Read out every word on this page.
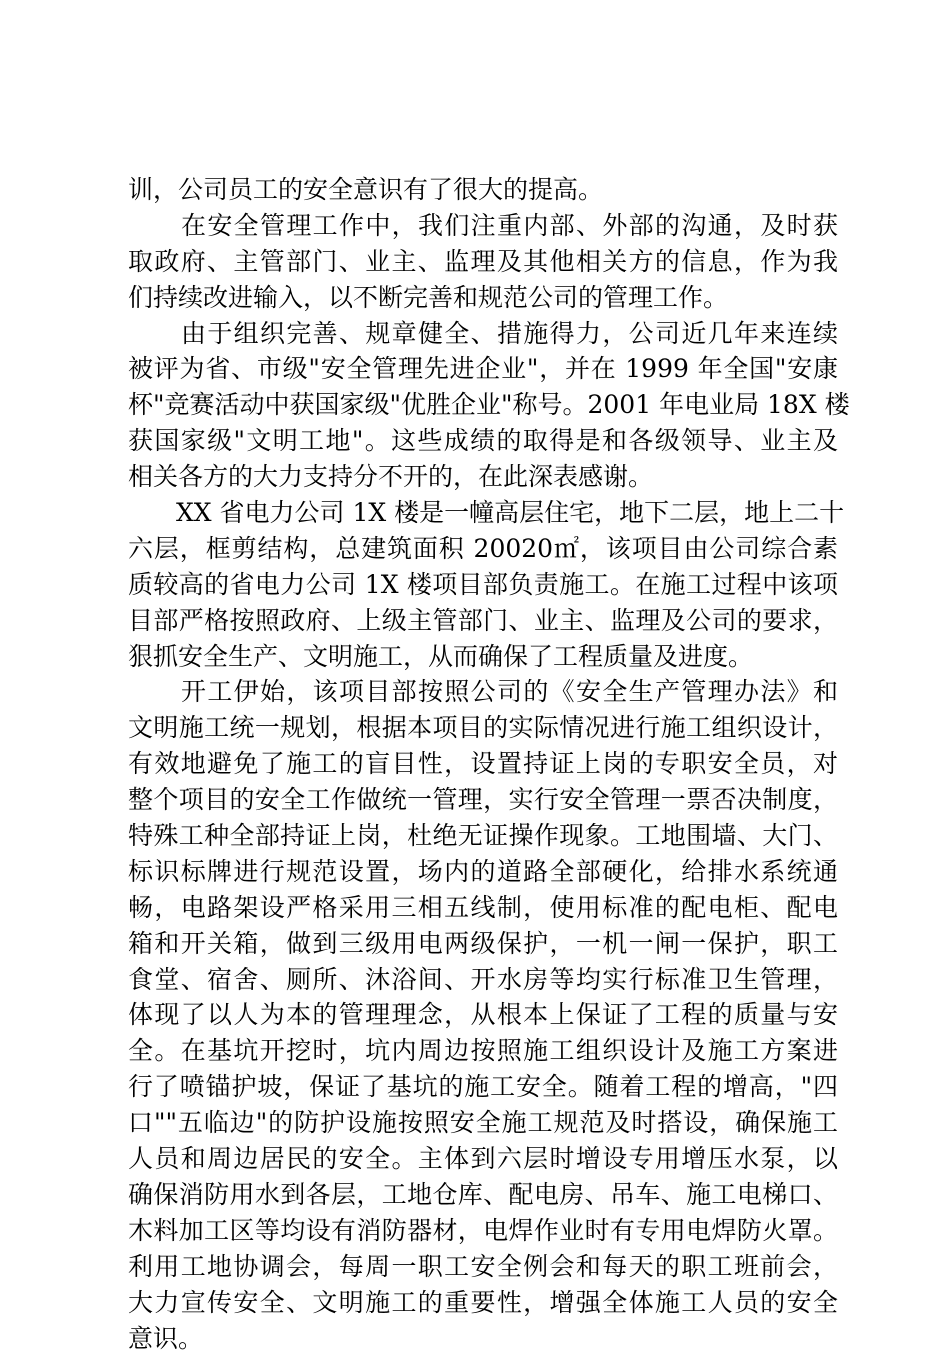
训，公司员工的安全意识有了很大的提高。
在安全管理工作中，我们注重内部、外部的沟通，及时获
取政府、主管部门、业主、监理及其他相关方的信息，作为我
们持续改进输入，以不断完善和规范公司的管理工作。
由于组织完善、规章健全、措施得力，公司近几年来连续
被评为省、市级"安全管理先进企业"，并在 1999 年全国"安康
杯"竞赛活动中获国家级"优胜企业"称号。2001 年电业局 18X 楼
获国家级"文明工地"。这些成绩的取得是和各级领导、业主及
相关各方的大力支持分不开的，在此深表感谢。
XX 省电力公司 1X 楼是一幢高层住宅，地下二层，地上二十
六层，框剪结构，总建筑面积 20020㎡，该项目由公司综合素
质较高的省电力公司 1X 楼项目部负责施工。在施工过程中该项
目部严格按照政府、上级主管部门、业主、监理及公司的要求，
狠抓安全生产、文明施工，从而确保了工程质量及进度。
开工伊始，该项目部按照公司的《安全生产管理办法》和
文明施工统一规划，根据本项目的实际情况进行施工组织设计，
有效地避免了施工的盲目性，设置持证上岗的专职安全员，对
整个项目的安全工作做统一管理，实行安全管理一票否决制度，
特殊工种全部持证上岗，杜绝无证操作现象。工地围墙、大门、
标识标牌进行规范设置，场内的道路全部硬化，给排水系统通
畅，电路架设严格采用三相五线制，使用标准的配电柜、配电
箱和开关箱，做到三级用电两级保护，一机一闸一保护，职工
食堂、宿舍、厕所、沐浴间、开水房等均实行标准卫生管理，
体现了以人为本的管理理念，从根本上保证了工程的质量与安
全。在基坑开挖时，坑内周边按照施工组织设计及施工方案进
行了喷锚护坡，保证了基坑的施工安全。随着工程的增高，"四
口""五临边"的防护设施按照安全施工规范及时搭设，确保施工
人员和周边居民的安全。主体到六层时增设专用增压水泵，以
确保消防用水到各层，工地仓库、配电房、吊车、施工电梯口、
木料加工区等均设有消防器材，电焊作业时有专用电焊防火罩。
利用工地协调会，每周一职工安全例会和每天的职工班前会，
大力宣传安全、文明施工的重要性，增强全体施工人员的安全
意识。
